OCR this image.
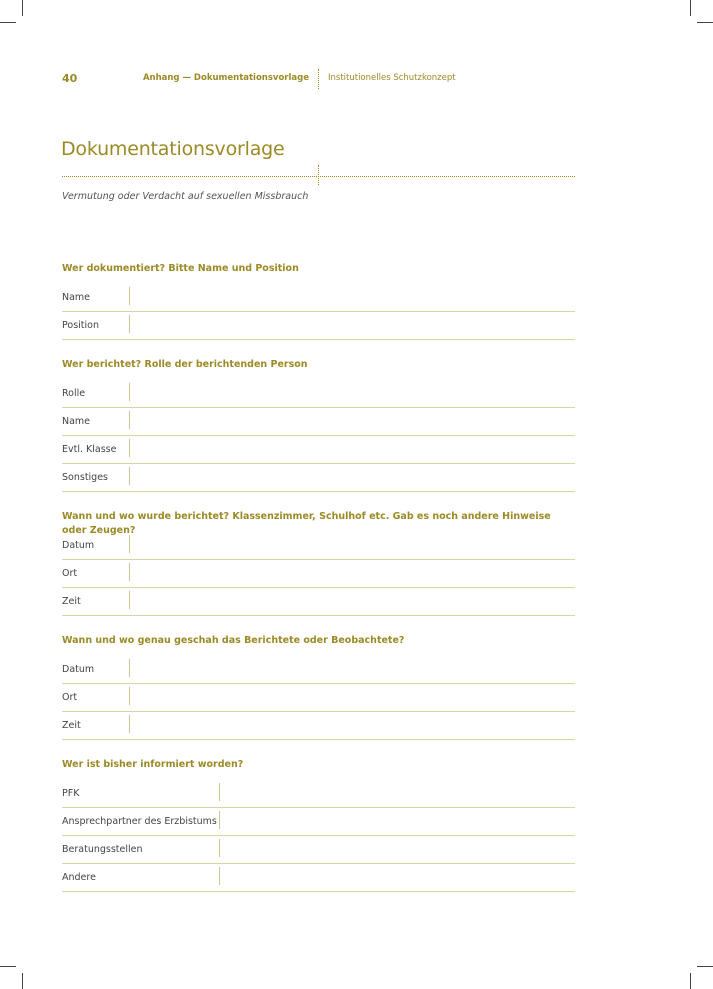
40	Anhang — Dokumentationsvorlage Institutionelles Schutzkonzept
Dokumentationsvorlage
Vermutung oder Verdacht auf sexuellen Missbrauch
Wer dokumentiert? Bitte Name und Position
Name
Position
Wer berichtet? Rolle der berichtenden Person
Rolle
Name
Evtl. Klasse
Sonstiges
Wann und wo wurde berichtet? Klassenzimmer, Schulhof etc. Gab es noch andere Hinweise oder Zeugen?
Datum
Ort
Zeit
Wann und wo genau geschah das Berichtete oder Beobachtete?
Datum
Ort
Zeit
Wer ist bisher informiert worden?
PFK
Ansprechpartner des Erzbistums
Beratungsstellen
Andere
